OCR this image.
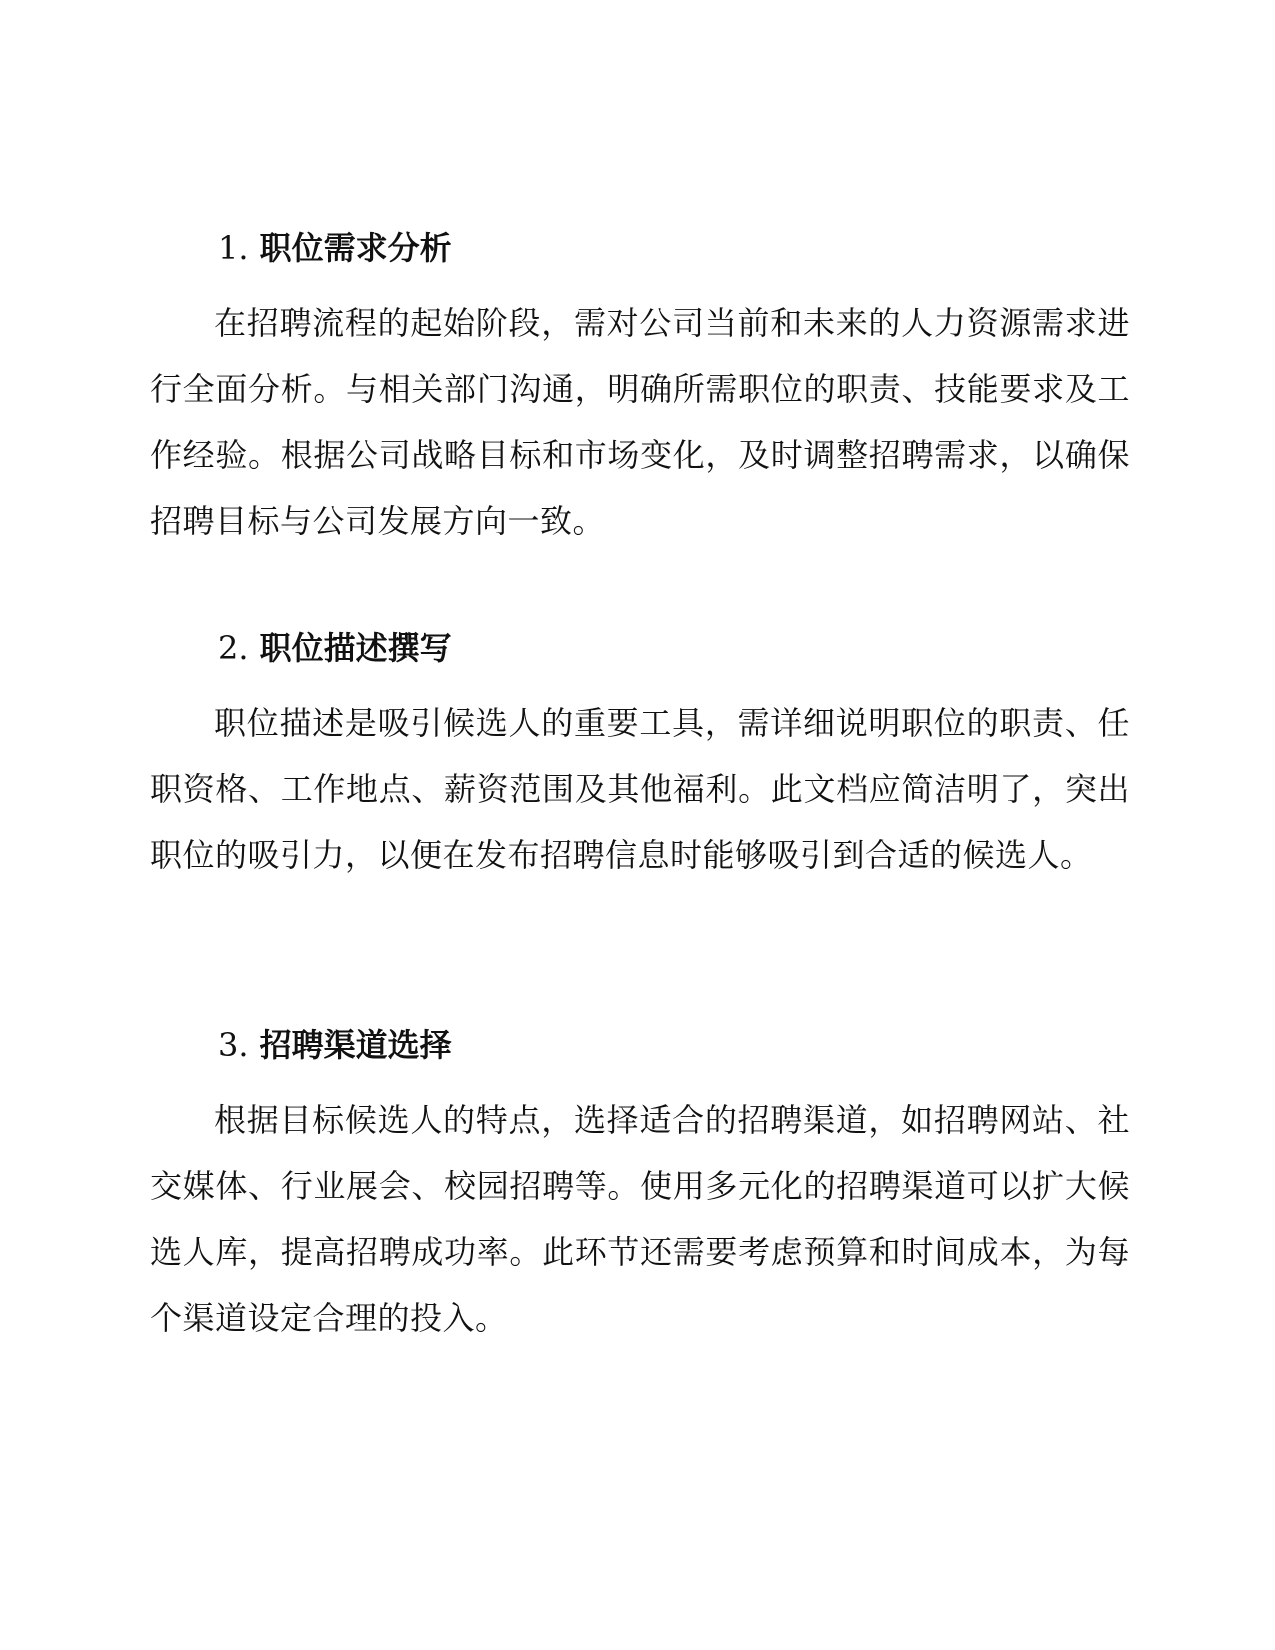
1. 职位需求分析

在招聘流程的起始阶段，需对公司当前和未来的人力资源需求进行全面分析。与相关部门沟通，明确所需职位的职责、技能要求及工作经验。根据公司战略目标和市场变化，及时调整招聘需求，以确保招聘目标与公司发展方向一致。

2. 职位描述撰写

职位描述是吸引候选人的重要工具，需详细说明职位的职责、任职资格、工作地点、薪资范围及其他福利。此文档应简洁明了，突出职位的吸引力，以便在发布招聘信息时能够吸引到合适的候选人。

3. 招聘渠道选择

根据目标候选人的特点，选择适合的招聘渠道，如招聘网站、社交媒体、行业展会、校园招聘等。使用多元化的招聘渠道可以扩大候选人库，提高招聘成功率。此环节还需要考虑预算和时间成本，为每个渠道设定合理的投入。
